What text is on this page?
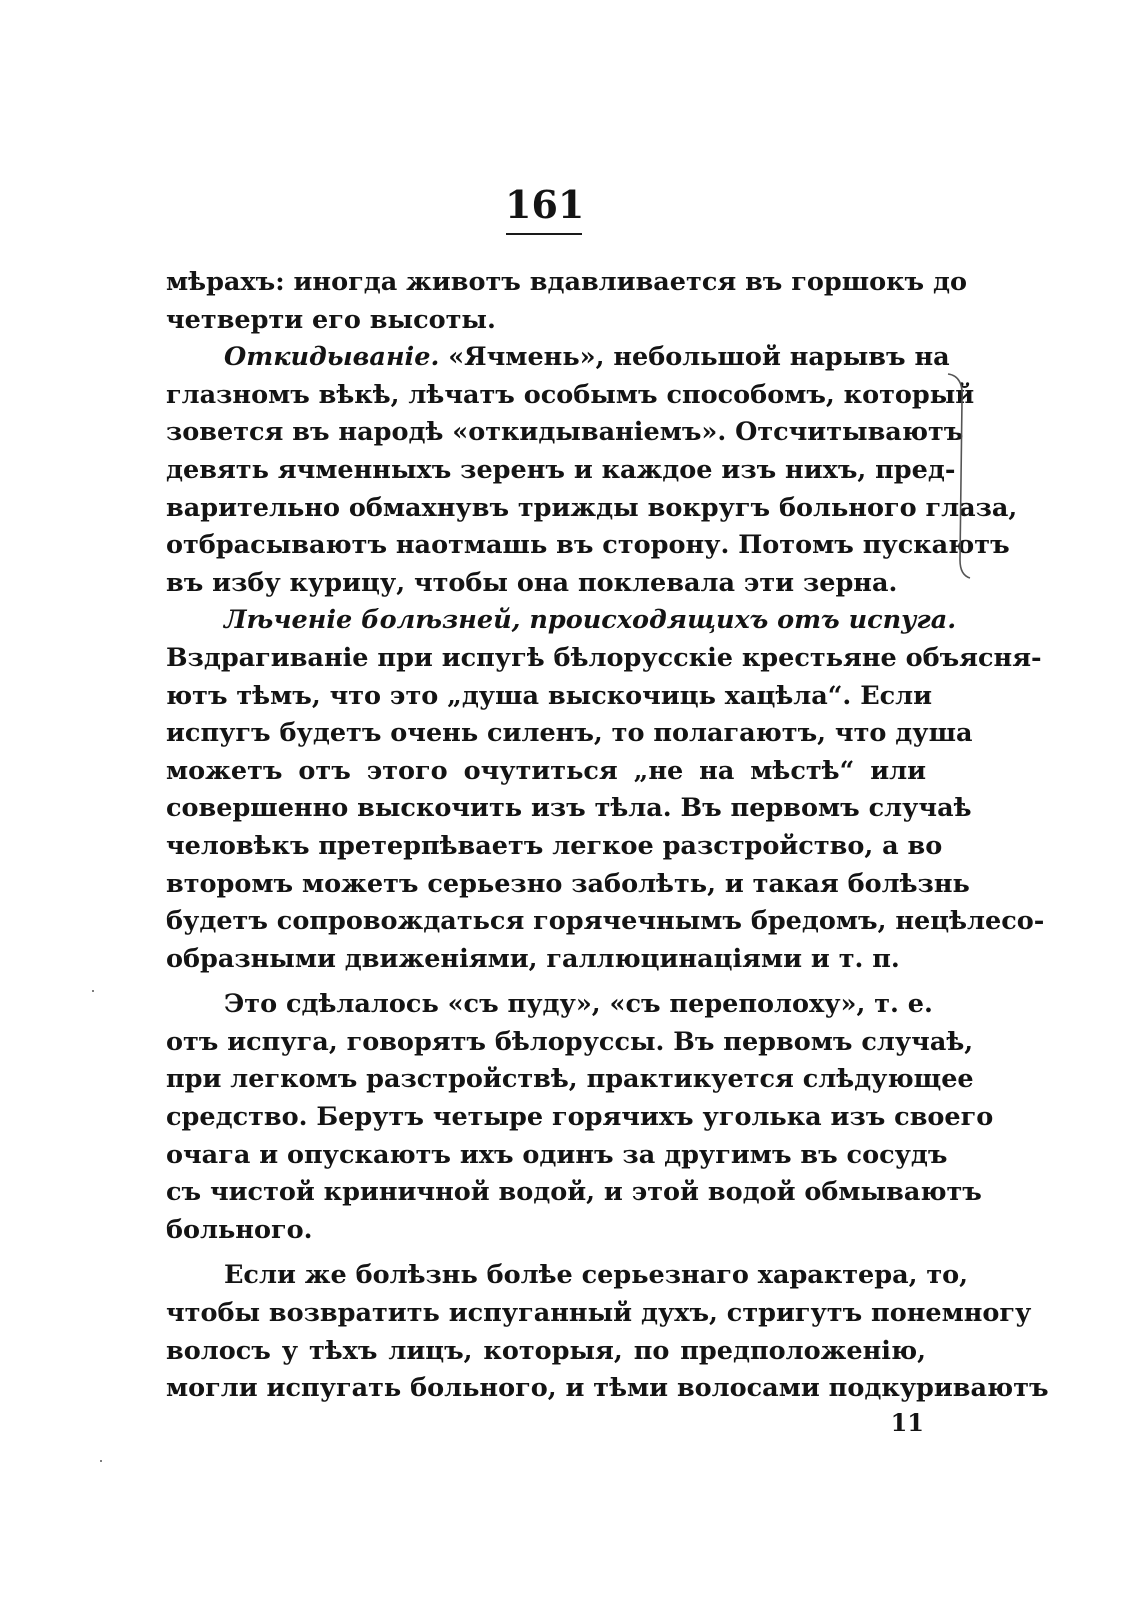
161
мѣрахъ: иногда животъ вдавливается въ горшокъ до
четверти его высоты.
Откидываніе. «Ячмень», небольшой нарывъ на
глазномъ вѣкѣ, лѣчатъ особымъ способомъ, который
зовется въ народѣ «откидываніемъ». Отсчитываютъ
девять ячменныхъ зеренъ и каждое изъ нихъ, пред-
варительно обмахнувъ трижды вокругъ больного глаза,
отбрасываютъ наотмашь въ сторону. Потомъ пускаютъ
въ избу курицу, чтобы она поклевала эти зерна.
Лѣченіе болѣзней, происходящихъ отъ испуга.
Вздрагиваніе при испугѣ бѣлорусскіе крестьяне объясня-
ютъ тѣмъ, что это „душа выскочиць хацѣла“. Если
испугъ будетъ очень силенъ, то полагаютъ, что душа
можетъ отъ этого очутиться „не на мѣстѣ“ или
совершенно выскочить изъ тѣла. Въ первомъ случаѣ
человѣкъ претерпѣваетъ легкое разстройство, а во
второмъ можетъ серьезно заболѣть, и такая болѣзнь
будетъ сопровождаться горячечнымъ бредомъ, нецѣлесо-
образными движеніями, галлюцинаціями и т. п.
Это сдѣлалось «съ пуду», «съ переполоху», т. е.
отъ испуга, говорятъ бѣлоруссы. Въ первомъ случаѣ,
при легкомъ разстройствѣ, практикуется слѣдующее
средство. Берутъ четыре горячихъ уголька изъ своего
очага и опускаютъ ихъ одинъ за другимъ въ сосудъ
съ чистой криничной водой, и этой водой обмываютъ
больного.
Если же болѣзнь болѣе серьезнаго характера, то,
чтобы возвратить испуганный духъ, стригутъ понемногу
волосъ у тѣхъ лицъ, которыя, по предположенію,
могли испугать больного, и тѣми волосами подкуриваютъ
11
